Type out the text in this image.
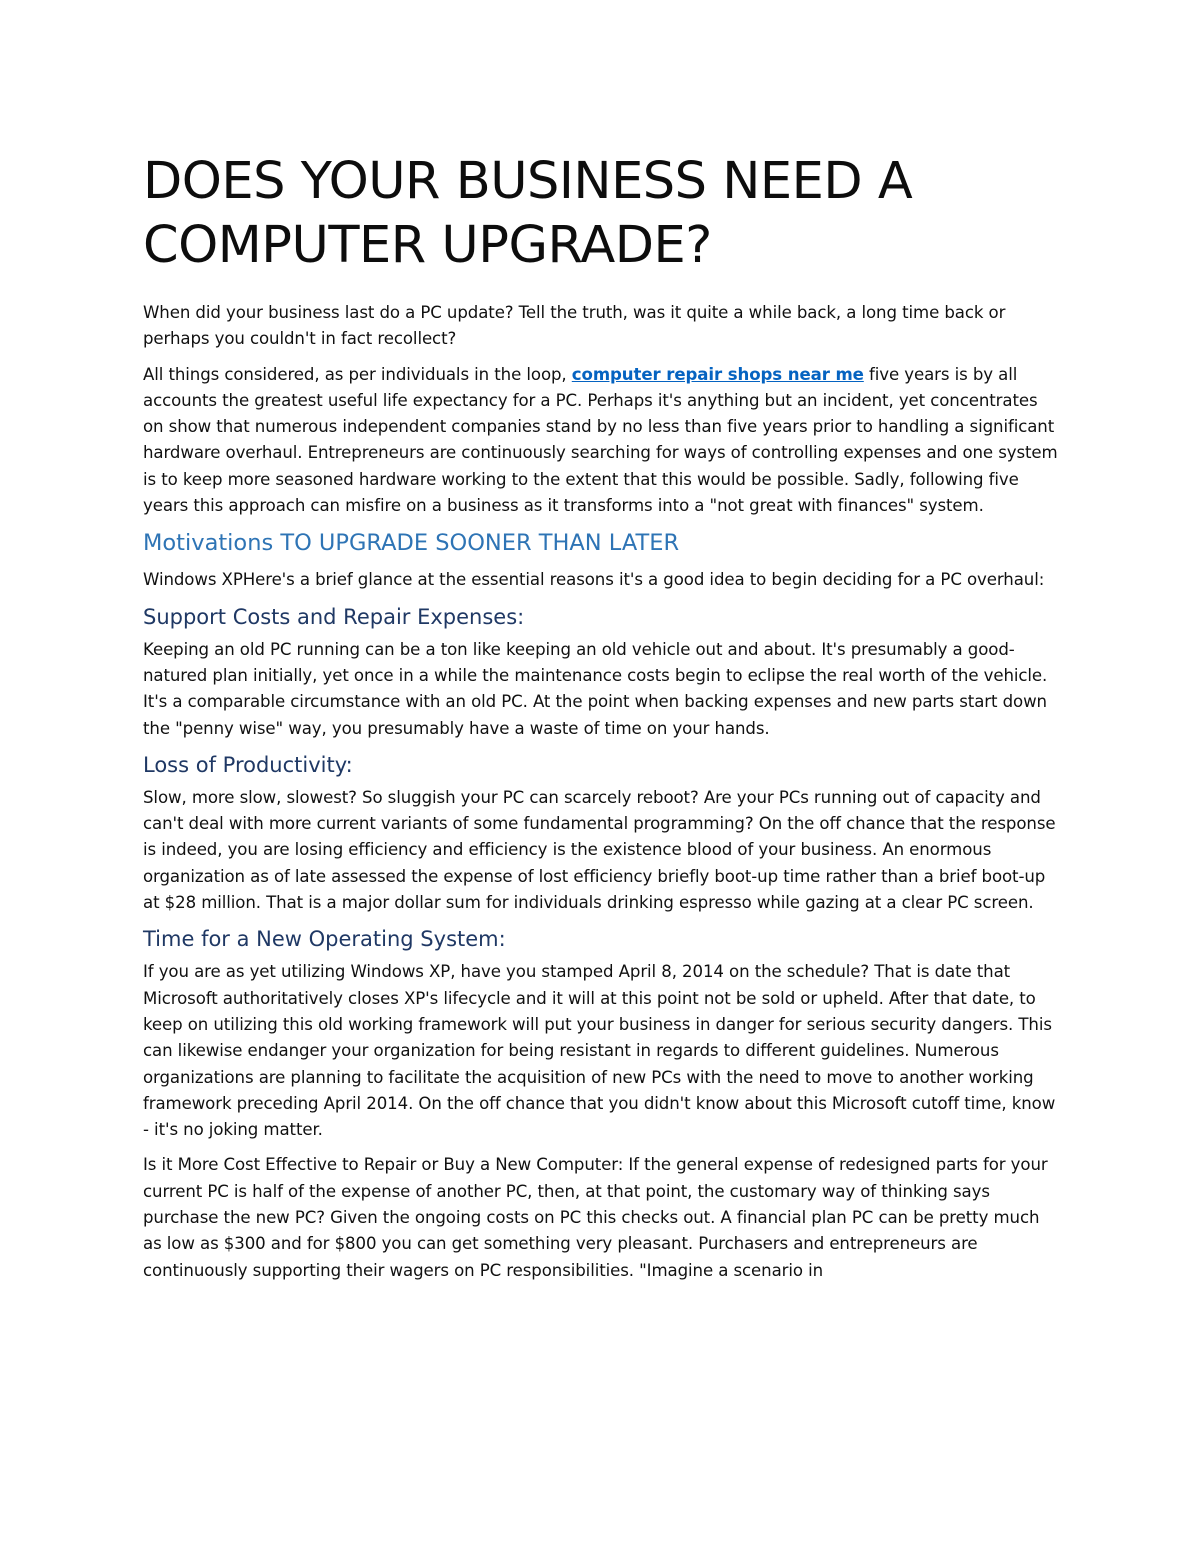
DOES YOUR BUSINESS NEED A COMPUTER UPGRADE?

When did your business last do a PC update? Tell the truth, was it quite a while back, a long time back or perhaps you couldn't in fact recollect?

All things considered, as per individuals in the loop, computer repair shops near me five years is by all accounts the greatest useful life expectancy for a PC. Perhaps it's anything but an incident, yet concentrates on show that numerous independent companies stand by no less than five years prior to handling a significant hardware overhaul. Entrepreneurs are continuously searching for ways of controlling expenses and one system is to keep more seasoned hardware working to the extent that this would be possible. Sadly, following five years this approach can misfire on a business as it transforms into a "not great with finances" system.

Motivations TO UPGRADE SOONER THAN LATER

Windows XPHere's a brief glance at the essential reasons it's a good idea to begin deciding for a PC overhaul:

Support Costs and Repair Expenses:

Keeping an old PC running can be a ton like keeping an old vehicle out and about. It's presumably a good-natured plan initially, yet once in a while the maintenance costs begin to eclipse the real worth of the vehicle. It's a comparable circumstance with an old PC. At the point when backing expenses and new parts start down the "penny wise" way, you presumably have a waste of time on your hands.

Loss of Productivity:

Slow, more slow, slowest? So sluggish your PC can scarcely reboot? Are your PCs running out of capacity and can't deal with more current variants of some fundamental programming? On the off chance that the response is indeed, you are losing efficiency and efficiency is the existence blood of your business. An enormous organization as of late assessed the expense of lost efficiency briefly boot-up time rather than a brief boot-up at $28 million. That is a major dollar sum for individuals drinking espresso while gazing at a clear PC screen.

Time for a New Operating System:

If you are as yet utilizing Windows XP, have you stamped April 8, 2014 on the schedule? That is date that Microsoft authoritatively closes XP's lifecycle and it will at this point not be sold or upheld. After that date, to keep on utilizing this old working framework will put your business in danger for serious security dangers. This can likewise endanger your organization for being resistant in regards to different guidelines. Numerous organizations are planning to facilitate the acquisition of new PCs with the need to move to another working framework preceding April 2014. On the off chance that you didn't know about this Microsoft cutoff time, know - it's no joking matter.

Is it More Cost Effective to Repair or Buy a New Computer: If the general expense of redesigned parts for your current PC is half of the expense of another PC, then, at that point, the customary way of thinking says purchase the new PC? Given the ongoing costs on PC this checks out. A financial plan PC can be pretty much as low as $300 and for $800 you can get something very pleasant. Purchasers and entrepreneurs are continuously supporting their wagers on PC responsibilities. "Imagine a scenario in
